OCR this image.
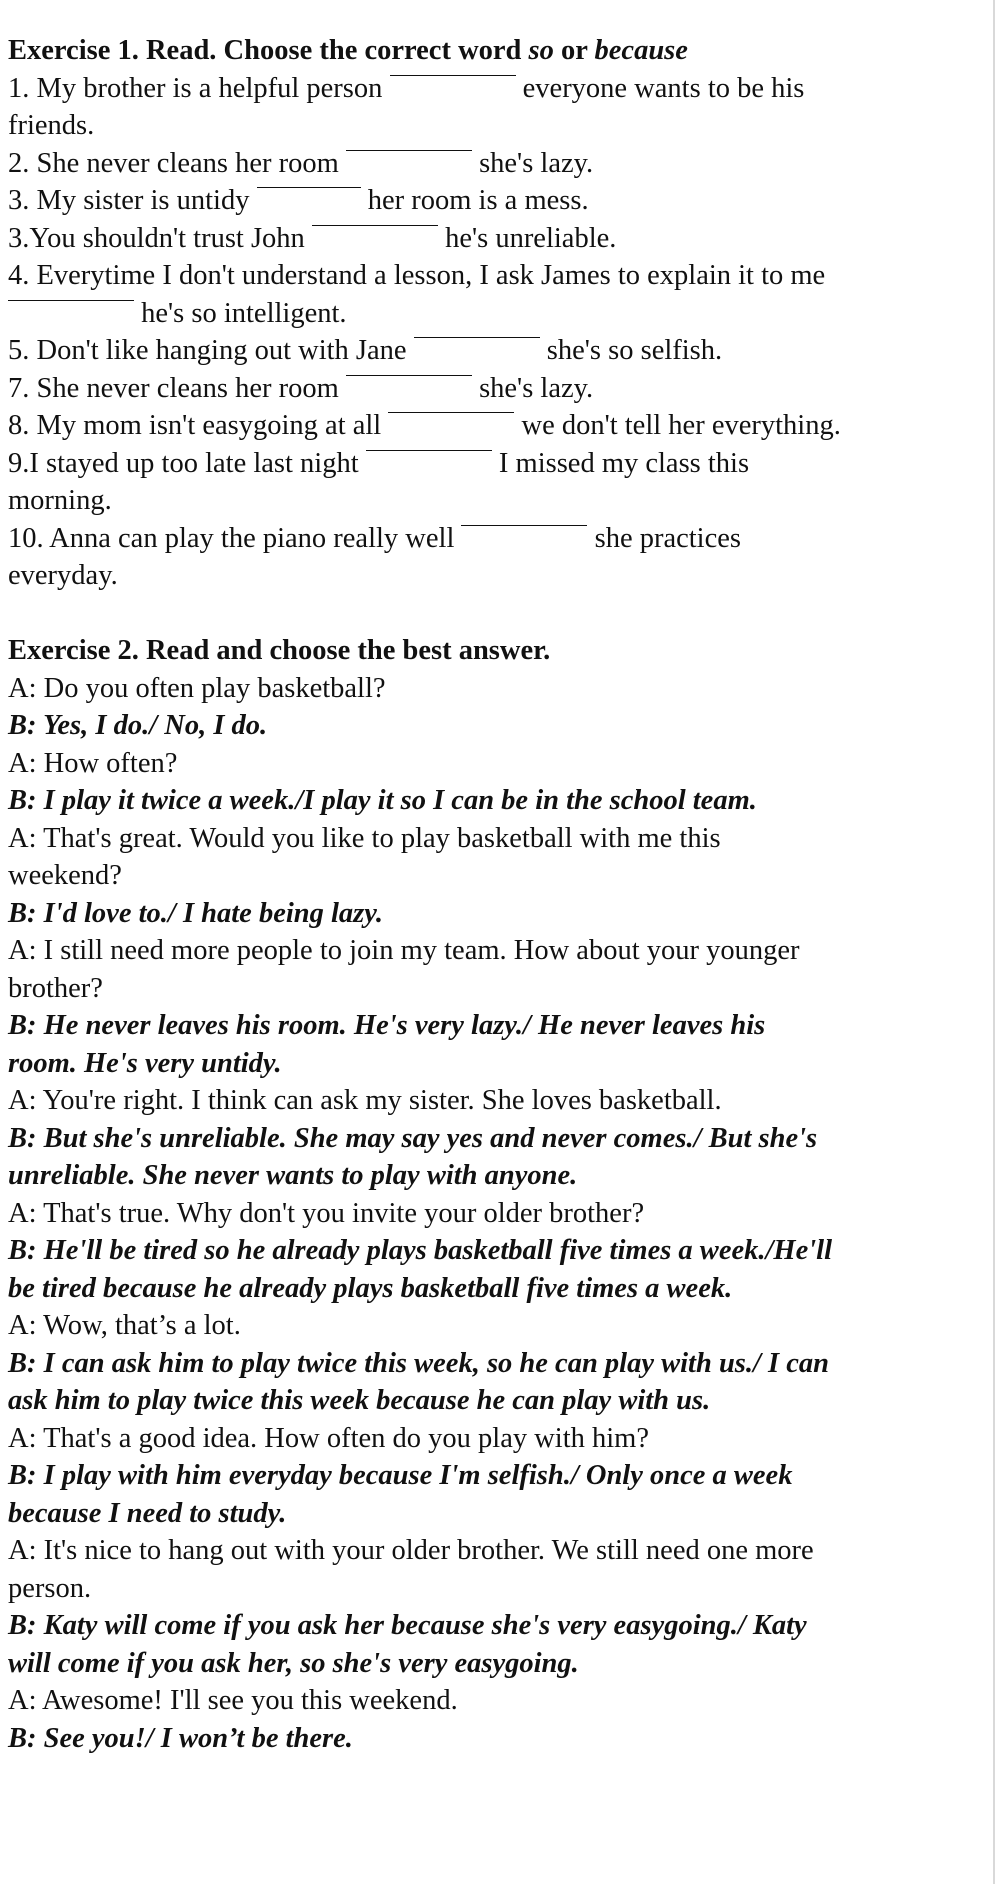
Exercise 1. Read. Choose the correct word so or because
1. My brother is a helpful person	everyone wants to be his
friends.
2. She never cleans her room	she's lazy.
3. My sister is untidy	her room is a mess.
3.You shouldn't trust John	he's unreliable.
4. Everytime I don't understand a lesson, I ask James to explain it to me
he's so intelligent.
5. Don't like hanging out with Jane	she's so selfish.
7. She never cleans her room	she's lazy.
8. My mom isn't easygoing at all	we don't tell her everything.
9.I stayed up too late last night	I missed my class this
morning.
10. Anna can play the piano really well	she practices
everyday.
Exercise 2. Read and choose the best answer.
A: Do you often play basketball?
B: Yes, I do./ No, I do.
A: How often?
B: I play it twice a week./I play it so I can be in the school team.
A: That's great. Would you like to play basketball with me this
weekend?
B: I'd love to./ I hate being lazy.
A: I still need more people to join my team. How about your younger
brother?
B: He never leaves his room. He's very lazy./ He never leaves his
room. He's very untidy.
A: You're right. I think can ask my sister. She loves basketball.
B: But she's unreliable. She may say yes and never comes./ But she's
unreliable. She never wants to play with anyone.
A: That's true. Why don't you invite your older brother?
B: He'll be tired so he already plays basketball five times a week./He'll
be tired because he already plays basketball five times a week.
A: Wow, that’s a lot.
B: I can ask him to play twice this week, so he can play with us./ I can
ask him to play twice this week because he can play with us.
A: That's a good idea. How often do you play with him?
B: I play with him everyday because I'm selfish./ Only once a week
because I need to study.
A: It's nice to hang out with your older brother. We still need one more
person.
B: Katy will come if you ask her because she's very easygoing./ Katy
will come if you ask her, so she's very easygoing.
A: Awesome! I'll see you this weekend.
B: See you!/ I won’t be there.
